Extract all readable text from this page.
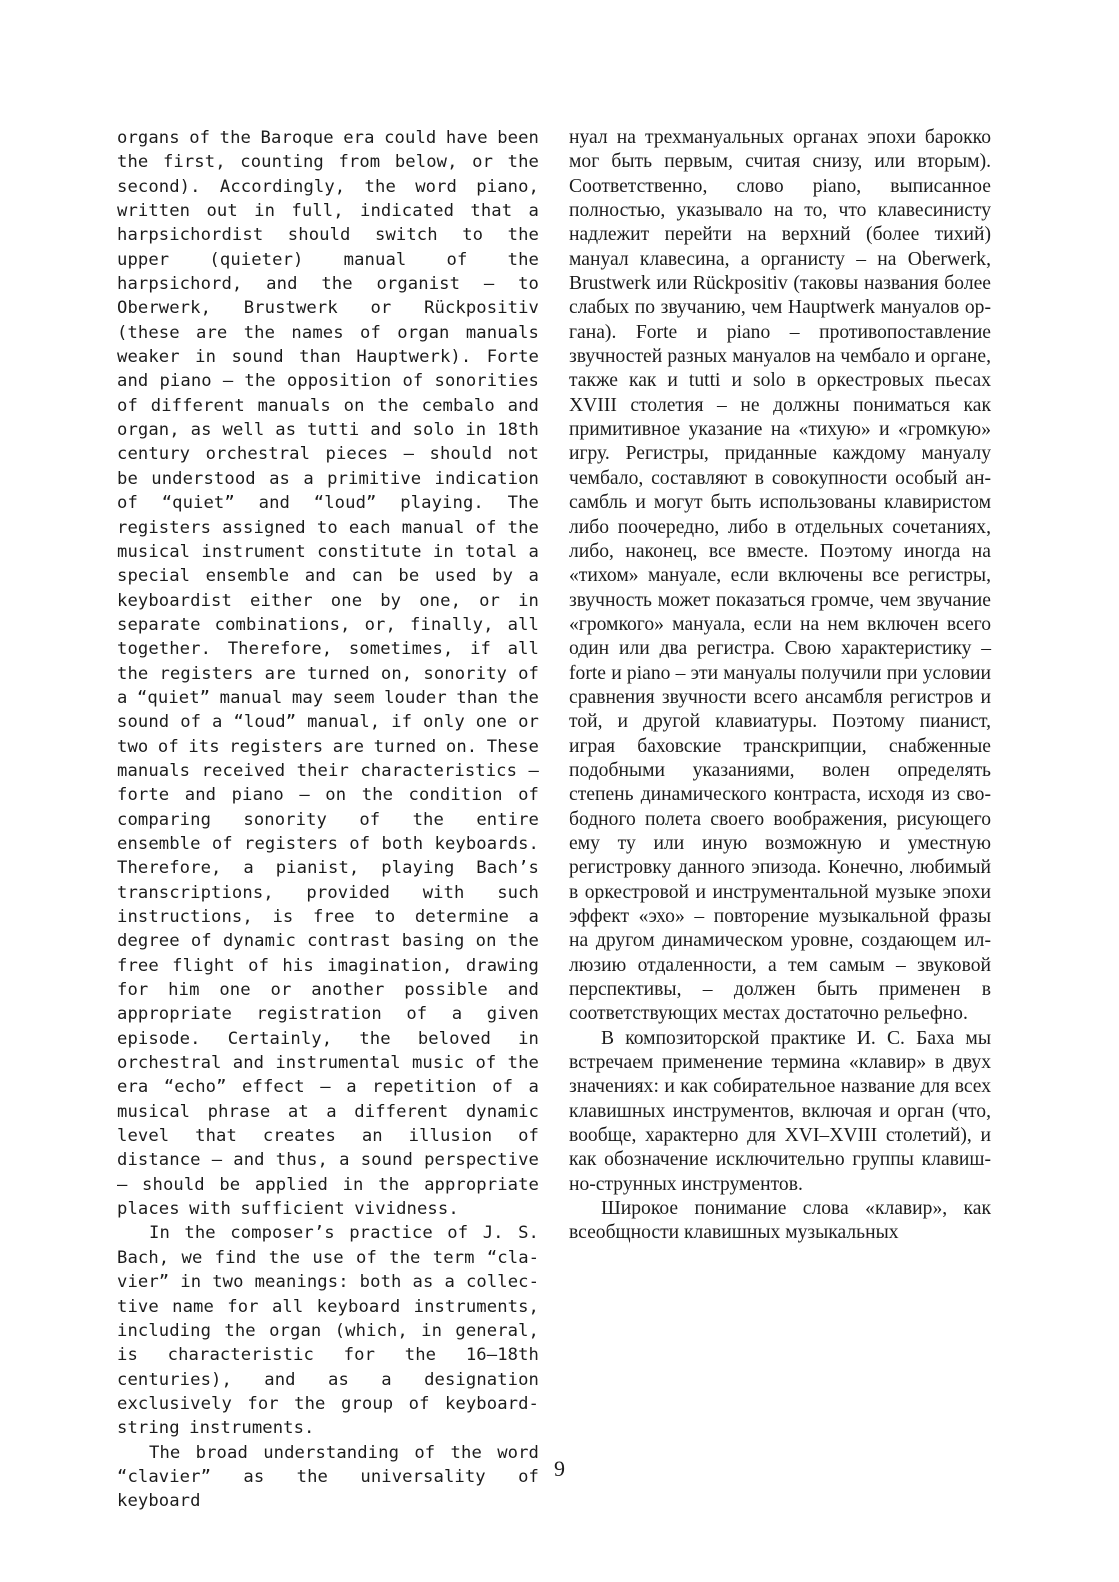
organs of the Baroque era could have been the first, counting from below, or the second). Accordingly, the word piano, written out in full, indicated that a harpsichordist should switch to the upper (quieter) manual of the harpsichord, and the organist – to Oberwerk, Brustwerk or Rückpositiv (these are the names of organ manuals weaker in sound than Hauptwerk). Forte and piano – the opposition of sonorities of different manuals on the cembalo and organ, as well as tutti and solo in 18th century orchestral pieces – should not be understood as a primitive indication of “quiet” and “loud” playing. The registers assigned to each manual of the musical instrument constitute in total a special ensemble and can be used by a keyboardist either one by one, or in separate combinations, or, finally, all together. Therefore, sometimes, if all the registers are turned on, sonority of a “quiet” manual may seem louder than the sound of a “loud” manual, if only one or two of its registers are turned on. These manuals received their characteristics – forte and piano – on the condition of comparing sonority of the entire ensemble of registers of both keyboards. Therefore, a pianist, playing Bach’s transcriptions, provided with such instructions, is free to determine a degree of dynamic contrast basing on the free flight of his imagination, drawing for him one or another possible and appropriate registration of a given episode. Certainly, the beloved in orchestral and instrumental music of the era “echo” effect – a repetition of a musical phrase at a different dynamic level that creates an illusion of distance – and thus, a sound perspective – should be applied in the appropriate places with sufficient vividness.

In the composer’s practice of J. S. Bach, we find the use of the term “clavier” in two meanings: both as a collective name for all keyboard instruments, including the organ (which, in general, is characteristic for the 16–18th centuries), and as a designation exclusively for the group of keyboard-string instruments.

The broad understanding of the word “clavier” as the universality of keyboard

нуал на трехмануальных органах эпохи барокко мог быть первым, считая снизу, или вторым). Соответственно, слово piano, выписанное полностью, указывало на то, что клавесинисту надлежит перейти на верхний (более тихий) мануал клавесина, а органисту – на Oberwerk, Brustwerk или Rückpositiv (таковы названия более слабых по звучанию, чем Hauptwerk мануалов органа). Forte и piano – противопоставление звучностей разных мануалов на чембало и органе, также как и tutti и solo в оркестровых пьесах XVIII столетия – не должны пониматься как примитивное указание на «тихую» и «громкую» игру. Регистры, приданные каждому мануалу чембало, составляют в совокупности особый ансамбль и могут быть использованы клавиристом либо поочередно, либо в отдельных сочетаниях, либо, наконец, все вместе. Поэтому иногда на «тихом» мануале, если включены все регистры, звучность может показаться громче, чем звучание «громкого» мануала, если на нем включен всего один или два регистра. Свою характеристику – forte и piano – эти мануалы получили при условии сравнения звучности всего ансамбля регистров и той, и другой клавиатуры. Поэтому пианист, играя баховские транскрипции, снабженные подобными указаниями, волен определять степень динамического контраста, исходя из свободного полета своего воображения, рисующего ему ту или иную возможную и уместную регистровку данного эпизода. Конечно, любимый в оркестровой и инструментальной музыке эпохи эффект «эхо» – повторение музыкальной фразы на другом динамическом уровне, создающем иллюзию отдаленности, а тем самым – звуковой перспективы, – должен быть применен в соответствующих местах достаточно рельефно.

В композиторской практике И. С. Баха мы встречаем применение термина «клавир» в двух значениях: и как собирательное название для всех клавишных инструментов, включая и орган (что, вообще, характерно для XVI–XVIII столетий), и как обозначение исключительно группы клавишно-струнных инструментов.

Широкое понимание слова «клавир», как всеобщности клавишных музыкальных

9
